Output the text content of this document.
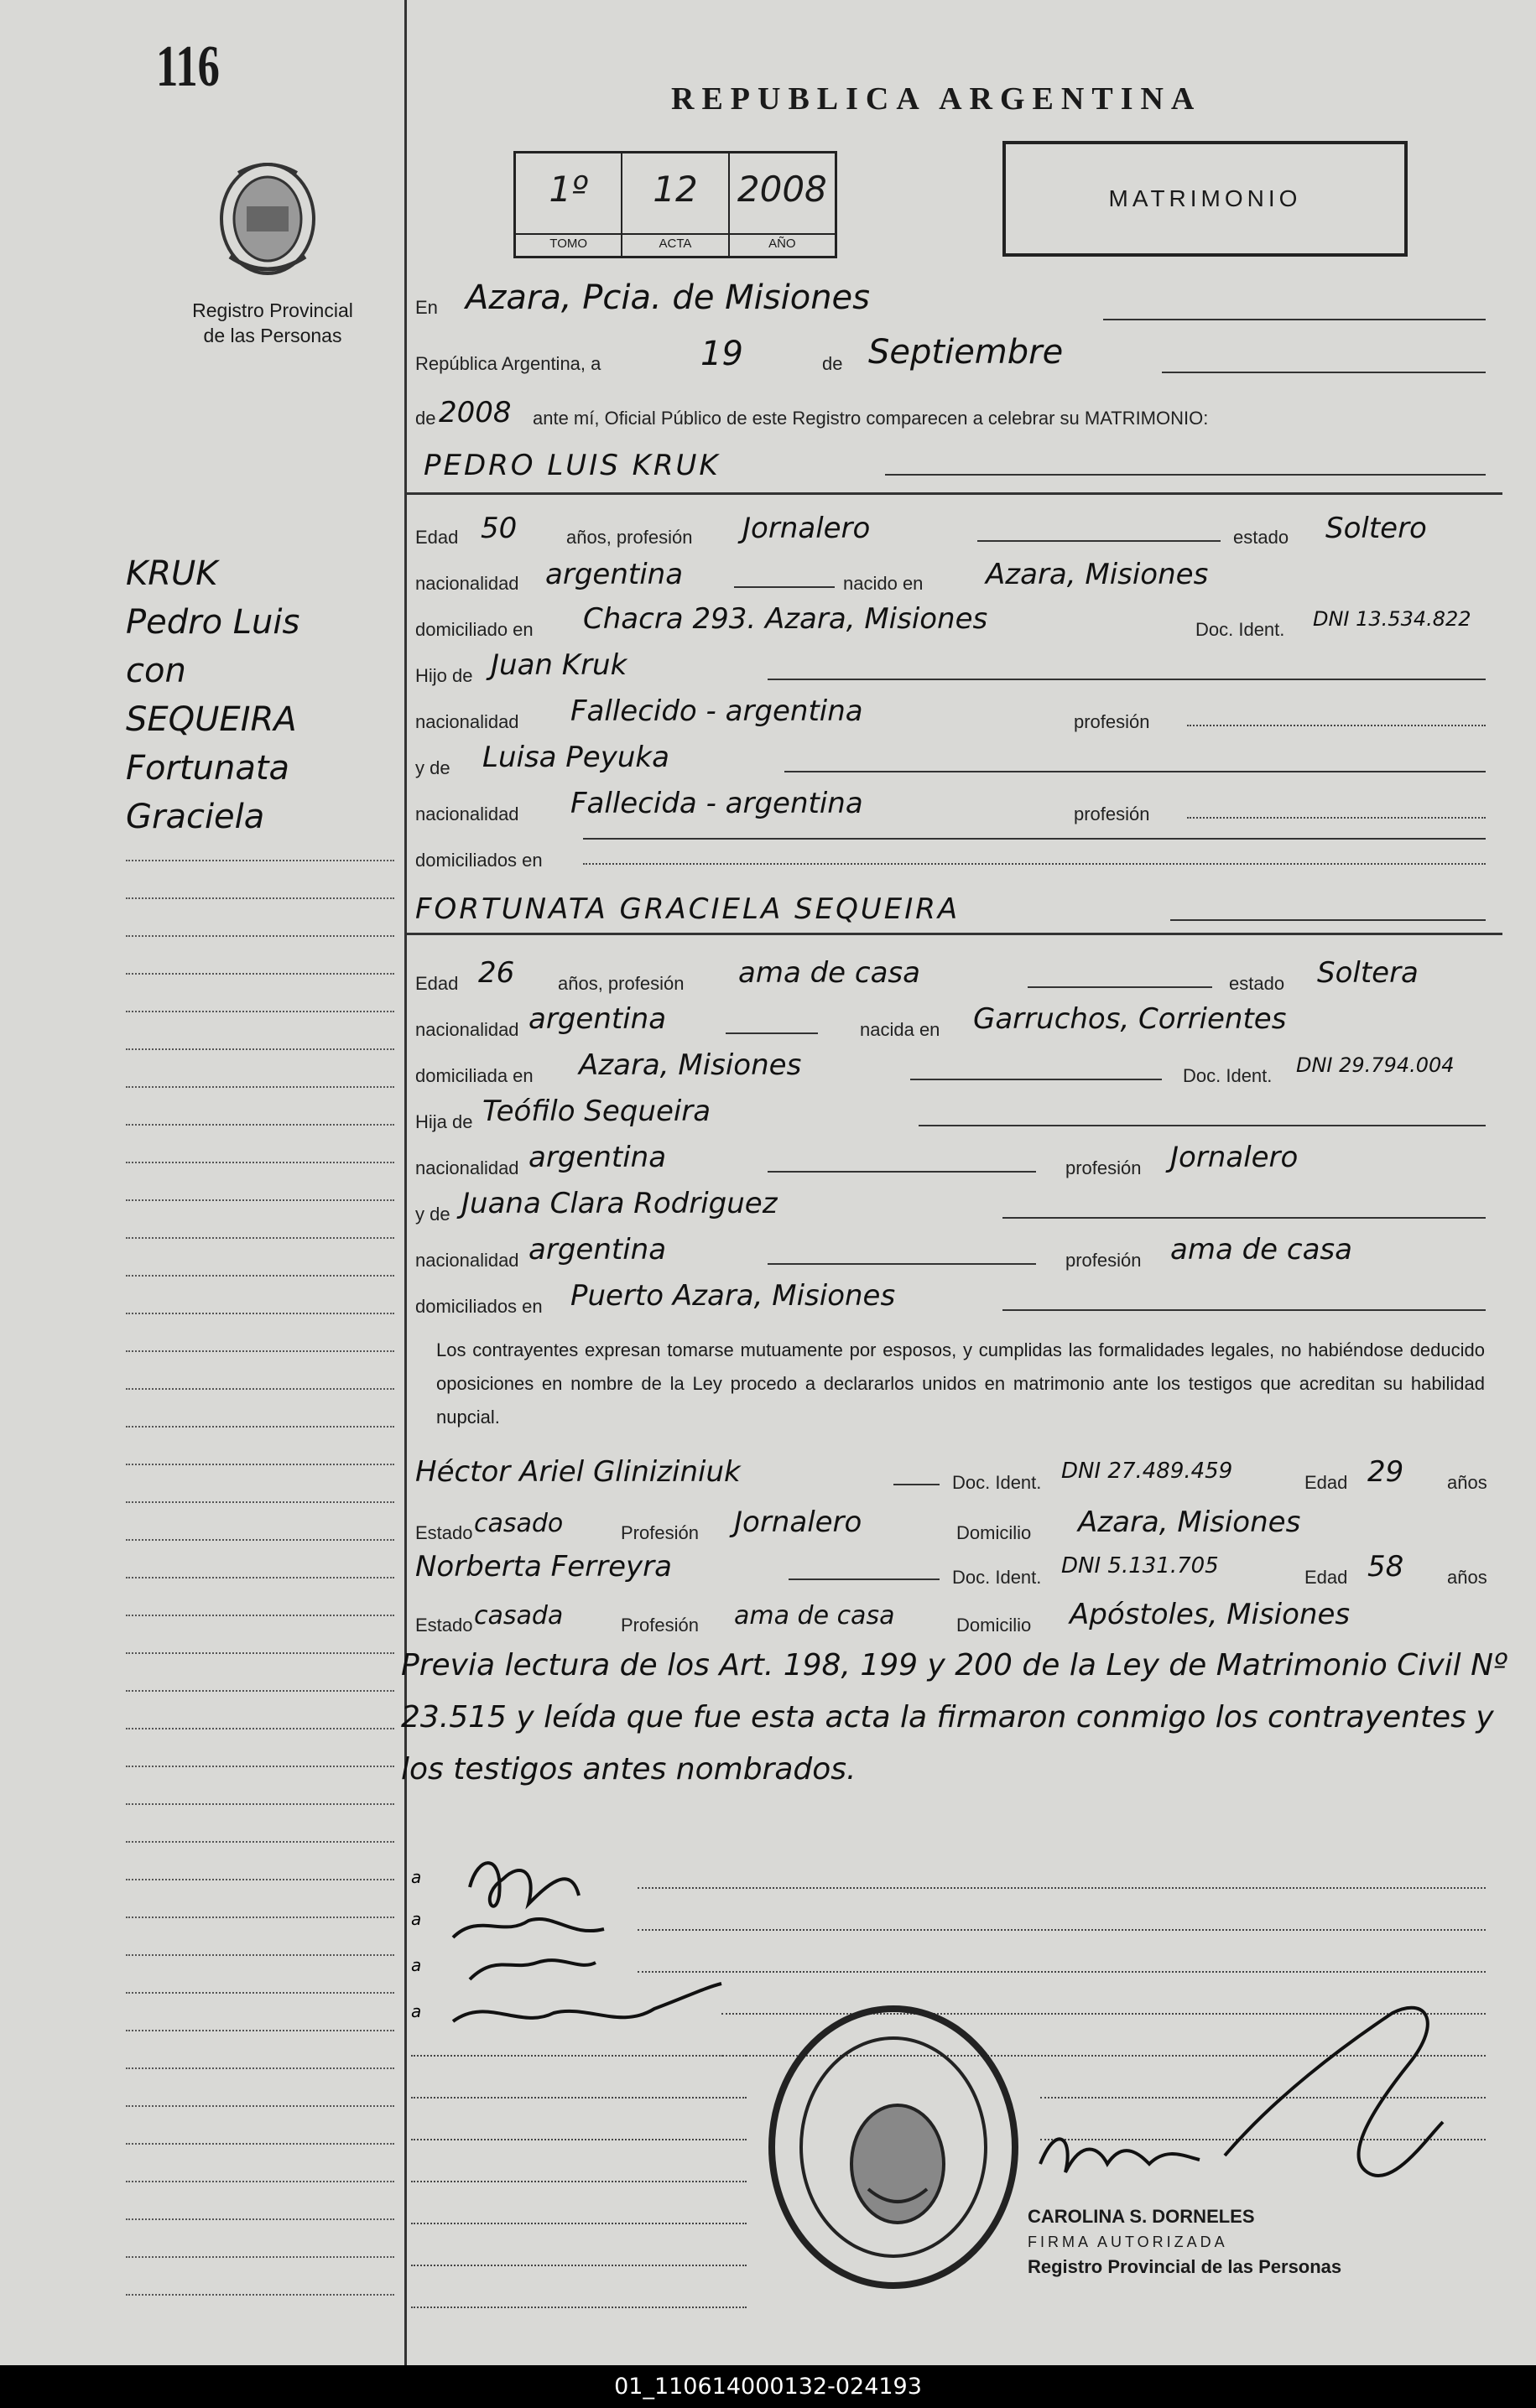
116
Registro Provincial
de las Personas
REPUBLICA ARGENTINA
1º
TOMO
12
ACTA
2008
AÑO
MATRIMONIO
En Azara, Pcia. de Misiones
República Argentina, a	19	de Septiembre
de 2008 ante mí, Oficial Público de este Registro comparecen a celebrar su MATRIMONIO:
PEDRO LUIS KRUK
Edad 50	años, profesión Jornalero	estado Soltero
nacionalidad argentina	nacido en Azara, Misiones
domiciliado en Chacra 293. Azara, Misiones	Doc. Ident. DNI 13.534.822
Hijo de Juan Kruk
nacionalidad Fallecido - argentina	profesión
y de Luisa Peyuka
nacionalidad Fallecida - argentina	profesión
domiciliados en
FORTUNATA GRACIELA SEQUEIRA
Edad 26 años, profesión ama de casa	estado Soltera
nacionalidad argentina	nacida en Garruchos, Corrientes
domiciliada en Azara, Misiones	Doc. Ident. DNI 29.794.004
Hija de Teófilo Sequeira
nacionalidad argentina	profesión Jornalero
y de Juana Clara Rodriguez
nacionalidad argentina	profesión ama de casa
domiciliados en Puerto Azara, Misiones
KRUK
Pedro Luis
con
SEQUEIRA
Fortunata
Graciela
Los contrayentes expresan tomarse mutuamente por esposos, y cumplidas las formalidades legales, no habiéndose deducido oposiciones en nombre de la Ley procedo a declararlos unidos en matrimonio ante los testigos que acreditan su habilidad nupcial.
Héctor Ariel Gliniziniuk	Doc. Ident. DNI 27.489.459	Edad 29 años
Estado casado	Profesión Jornalero	Domicilio Azara, Misiones
Norberta Ferreyra	Doc. Ident. DNI 5.131.705	Edad 58 años
Estado casada	Profesión ama de casa	Domicilio Apóstoles, Misiones
Previa lectura de los Art. 198, 199 y 200 de la Ley de Matrimonio Civil Nº 23.515 y leída que fue esta acta la firmaron conmigo los contrayentes y los testigos antes nombrados.
a
a
a
a
CAROLINA S. DORNELES
FIRMA AUTORIZADA
Registro Provincial de las Personas
01_110614000132-024193
